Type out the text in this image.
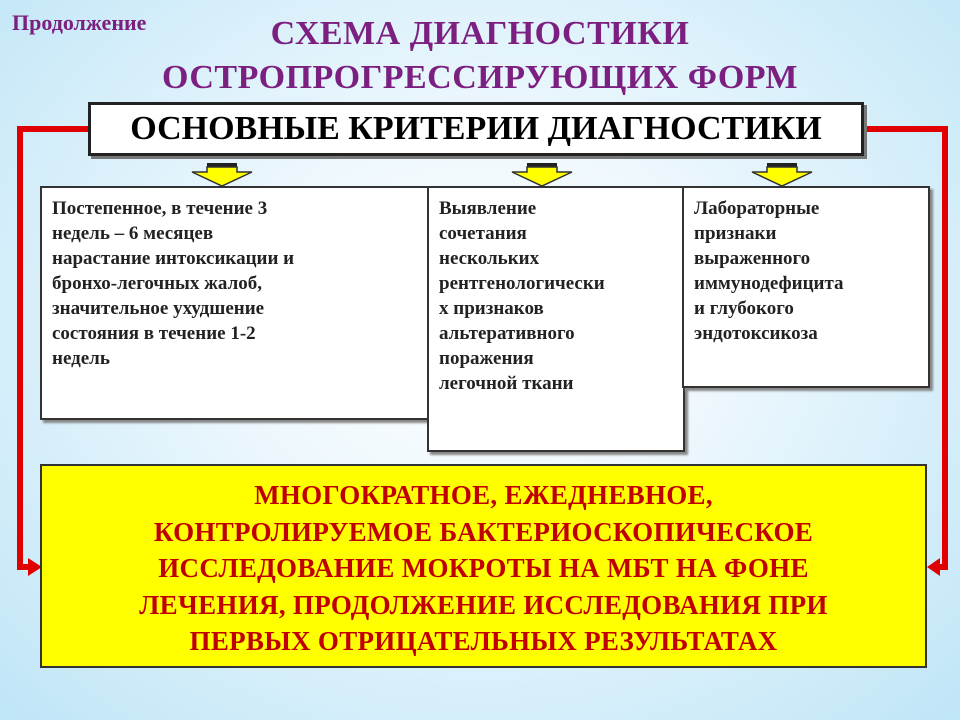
Продолжение	СХЕМА ДИАГНОСТИКИ
ОСТРОПРОГРЕССИРУЮЩИХ ФОРМ
ОСНОВНЫЕ КРИТЕРИИ ДИАГНОСТИКИ
Постепенное, в течение 3
недель – 6 месяцев
нарастание интоксикации и
бронхо-легочных жалоб,
значительное ухудшение
состояния в течение 1-2
недель
Выявление
сочетания
нескольких
рентгенологически
х признаков
альтеративного
поражения
легочной ткани
Лабораторные
признаки
выраженного
иммунодефицита
и глубокого
эндотоксикоза
МНОГОКРАТНОЕ, ЕЖЕДНЕВНОЕ,
КОНТРОЛИРУЕМОЕ БАКТЕРИОСКОПИЧЕСКОЕ
ИССЛЕДОВАНИЕ МОКРОТЫ НА МБТ НА ФОНЕ
ЛЕЧЕНИЯ, ПРОДОЛЖЕНИЕ ИССЛЕДОВАНИЯ ПРИ
ПЕРВЫХ ОТРИЦАТЕЛЬНЫХ РЕЗУЛЬТАТАХ
